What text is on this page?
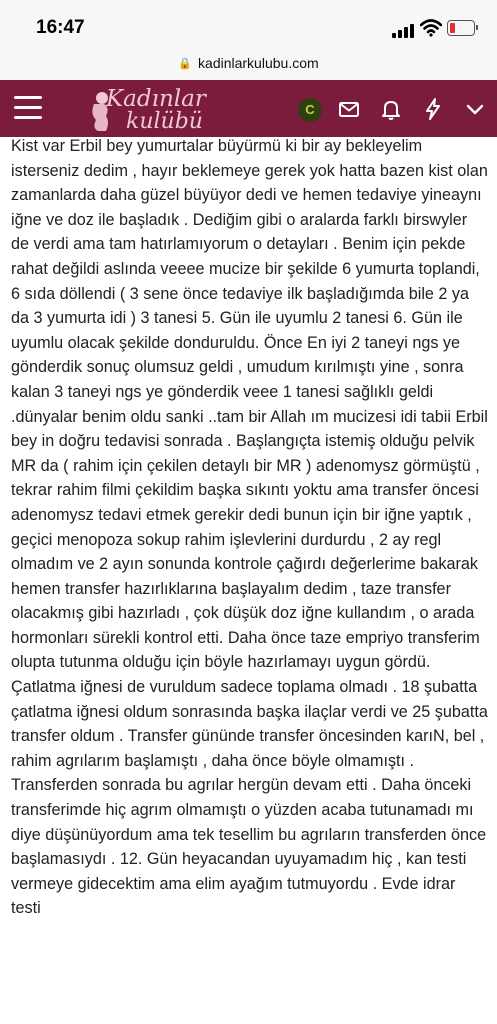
16:47
🔒 kadinlarkulubu.com
Kadınlar
kulübü	C

Kist var Erbil bey yumurtalar büyürmü ki bir ay bekleyelim isterseniz dedim , hayır beklemeye gerek yok hatta bazen kist olan zamanlarda daha güzel büyüyor dedi ve hemen tedaviye yineaynı iğne ve doz ile başladık . Dediğim gibi o aralarda farklı birswyler de verdi ama tam hatırlamıyorum o detayları . Benim için pekde rahat değildi aslında veeee mucize bir şekilde 6 yumurta toplandi, 6 sıda döllendi ( 3 sene önce tedaviye ilk başladığımda bile 2 ya da 3 yumurta idi ) 3 tanesi 5. Gün ile uyumlu 2 tanesi 6. Gün ile uyumlu olacak şekilde donduruldu. Önce En iyi 2 taneyi ngs ye gönderdik sonuç olumsuz geldi , umudum kırılmıştı yine , sonra kalan 3 taneyi ngs ye gönderdik veee 1 tanesi sağlıklı geldi .dünyalar benim oldu sanki ..tam bir Allah ım mucizesi idi tabii Erbil bey in doğru tedavisi sonrada . Başlangıçta istemiş olduğu pelvik MR da ( rahim için çekilen detaylı bir MR ) adenomysz görmüştü , tekrar rahim filmi çekildim başka sıkıntı yoktu ama transfer öncesi adenomysz tedavi etmek gerekir dedi bunun için bir iğne yaptık , geçici menopoza sokup rahim işlevlerini durdurdu , 2 ay regl olmadım ve 2 ayın sonunda kontrole çağırdı değerlerime bakarak hemen transfer hazırlıklarına başlayalım dedim , taze transfer olacakmış gibi hazırladı , çok düşük doz iğne kullandım , o arada hormonları sürekli kontrol etti. Daha önce taze empriyo transferim olupta tutunma olduğu için böyle hazırlamayı uygun gördü. Çatlatma iğnesi de vuruldum sadece toplama olmadı . 18 şubatta çatlatma iğnesi oldum sonrasında başka ilaçlar verdi ve 25 şubatta transfer oldum . Transfer gününde transfer öncesinden karıN, bel , rahim agrılarım başlamıştı , daha önce böyle olmamıştı . Transferden sonrada bu agrılar hergün devam etti . Daha önceki transferimde hiç agrım olmamıştı o yüzden acaba tutunamadı mı diye düşünüyordum ama tek tesellim bu agrıların transferden önce başlamasıydı . 12. Gün heyacandan uyuyamadım hiç , kan testi vermeye gidecektim ama elim ayağım tutmuyordu . Evde idrar testi
